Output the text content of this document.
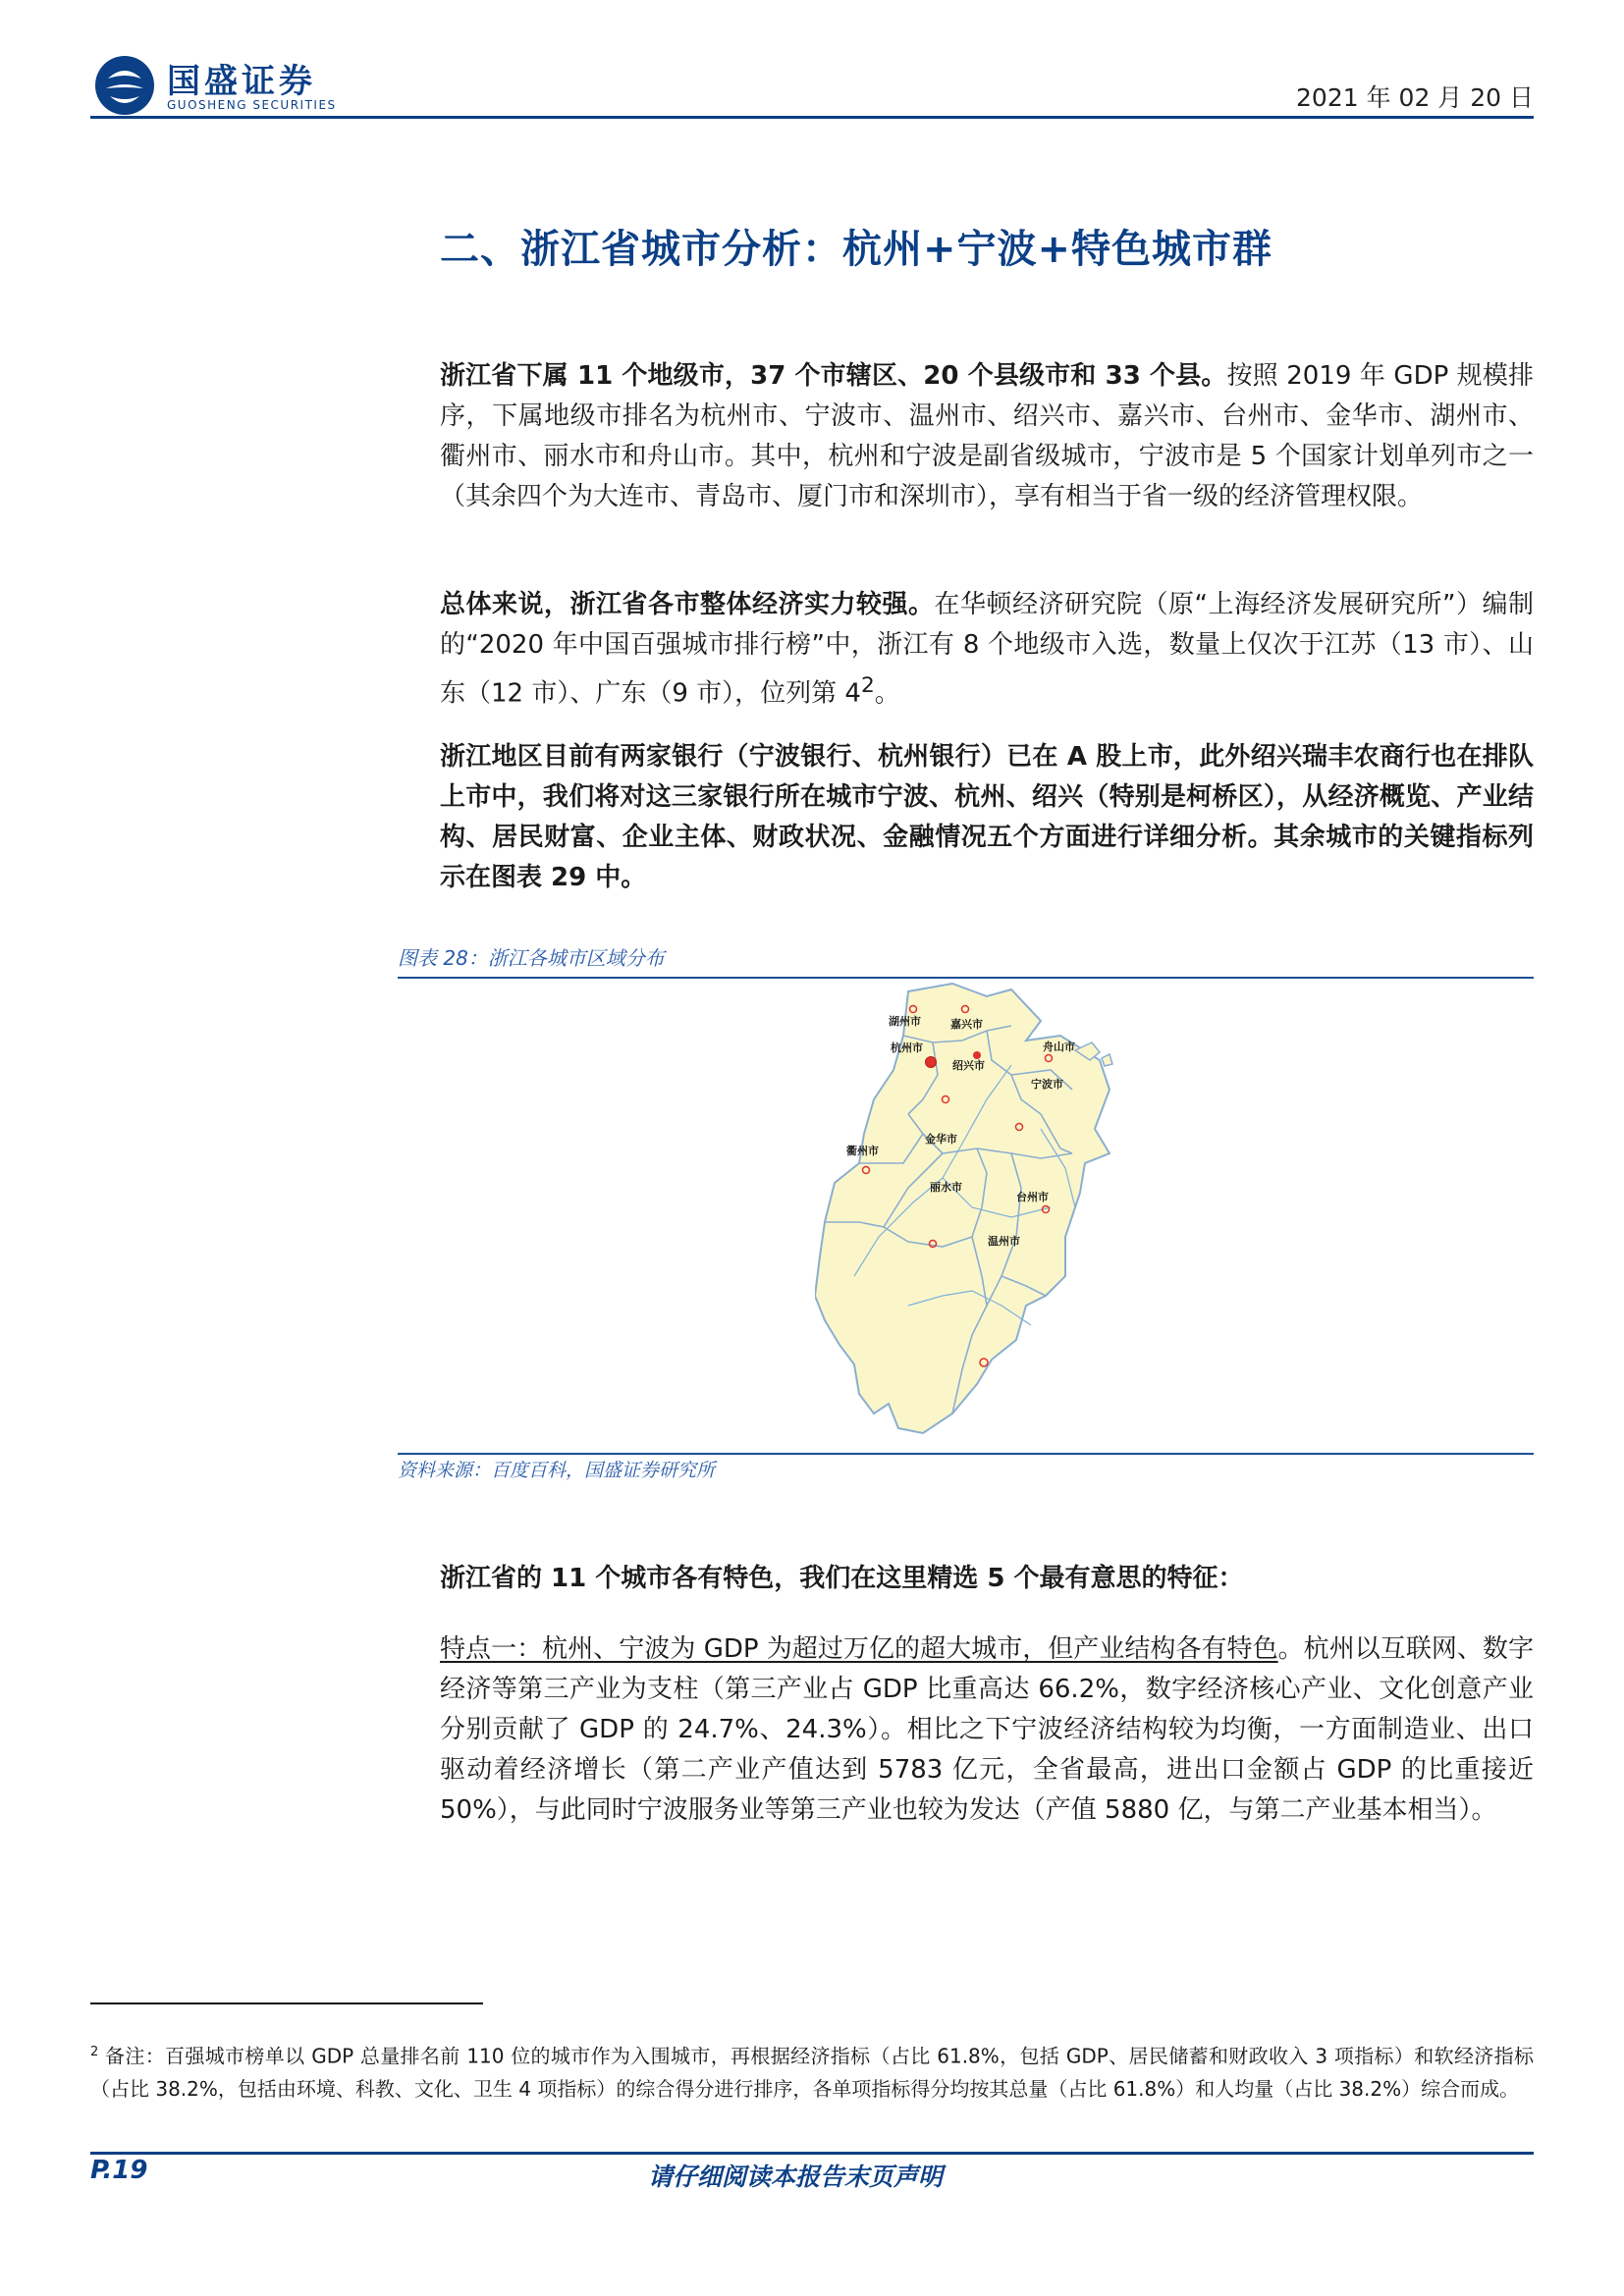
国盛证券
GUOSHENG SECURITIES	2021 年 02 月 20 日
二、浙江省城市分析：杭州+宁波+特色城市群
浙江省下属 11 个地级市，37 个市辖区、20 个县级市和 33 个县。按照 2019 年 GDP 规模排序，下属地级市排名为杭州市、宁波市、温州市、绍兴市、嘉兴市、台州市、金华市、湖州市、衢州市、丽水市和舟山市。其中，杭州和宁波是副省级城市，宁波市是 5 个国家计划单列市之一（其余四个为大连市、青岛市、厦门市和深圳市），享有相当于省一级的经济管理权限。
总体来说，浙江省各市整体经济实力较强。在华顿经济研究院（原“上海经济发展研究所”）编制的“2020 年中国百强城市排行榜”中，浙江有 8 个地级市入选，数量上仅次于江苏（13 市）、山东（12 市）、广东（9 市），位列第 $4^2$。
浙江地区目前有两家银行（宁波银行、杭州银行）已在 A 股上市，此外绍兴瑞丰农商行也在排队上市中，我们将对这三家银行所在城市宁波、杭州、绍兴（特别是柯桥区），从经济概览、产业结构、居民财富、企业主体、财政状况、金融情况五个方面进行详细分析。其余城市的关键指标列示在图表 29 中。
图表 28：浙江各城市区域分布
湖州市	嘉兴市
杭州市
绍兴市
舟山市
宁波市
衢州市
金华市
台州市
丽水市
温州市
资料来源：百度百科，国盛证券研究所
浙江省的 11 个城市各有特色，我们在这里精选 5 个最有意思的特征：
特点一：杭州、宁波为 GDP 为超过万亿的超大城市，但产业结构各有特色。杭州以互联网、数字经济等第三产业为支柱（第三产业占 GDP 比重高达 66.2%，数字经济核心产业、文化创意产业分别贡献了 GDP 的 24.7%、24.3%）。相比之下宁波经济结构较为均衡，一方面制造业、出口驱动着经济增长（第二产业产值达到 5783 亿元，全省最高，进出口金额占 GDP 的比重接近 50%），与此同时宁波服务业等第三产业也较为发达（产值 5880 亿，与第二产业基本相当）。
$^2$ 备注：百强城市榜单以 GDP 总量排名前 110 位的城市作为入围城市，再根据经济指标（占比 61.8%，包括 GDP、居民储蓄和财政收入 3 项指标）和软经济指标（占比 38.2%，包括由环境、科教、文化、卫生 4 项指标）的综合得分进行排序，各单项指标得分均按其总量（占比 61.8%）和人均量（占比 38.2%）综合而成。
P.19	请仔细阅读本报告末页声明
